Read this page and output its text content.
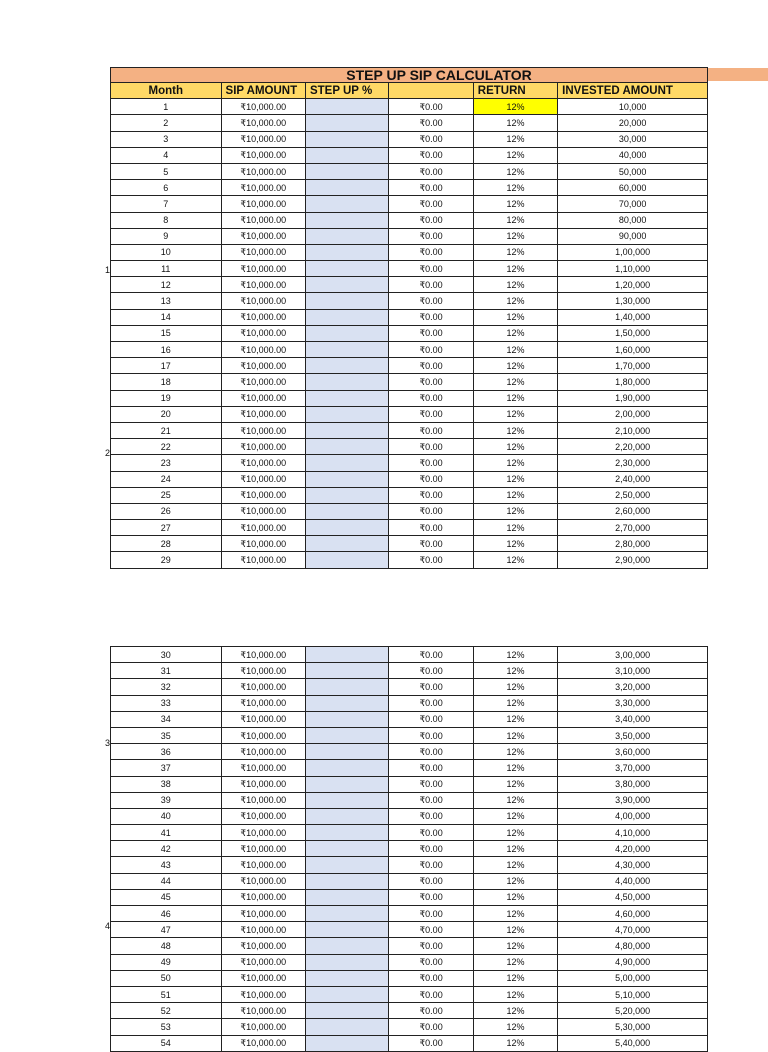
STEP UP SIP CALCULATOR					
Month	SIP AMOUNT	STEP UP %		RETURN	INVESTED AMOUNT
1	₹10,000.00		₹0.00	12%	10,000
2	₹10,000.00		₹0.00	12%	20,000
3	₹10,000.00		₹0.00	12%	30,000
4	₹10,000.00		₹0.00	12%	40,000
5	₹10,000.00		₹0.00	12%	50,000
6	₹10,000.00		₹0.00	12%	60,000
7	₹10,000.00		₹0.00	12%	70,000
8	₹10,000.00		₹0.00	12%	80,000
9	₹10,000.00		₹0.00	12%	90,000
10	₹10,000.00		₹0.00	12%	1,00,000
11	₹10,000.00		₹0.00	12%	1,10,000
12	₹10,000.00		₹0.00	12%	1,20,000
13	₹10,000.00		₹0.00	12%	1,30,000
14	₹10,000.00		₹0.00	12%	1,40,000
15	₹10,000.00		₹0.00	12%	1,50,000
16	₹10,000.00		₹0.00	12%	1,60,000
17	₹10,000.00		₹0.00	12%	1,70,000
18	₹10,000.00		₹0.00	12%	1,80,000
19	₹10,000.00		₹0.00	12%	1,90,000
20	₹10,000.00		₹0.00	12%	2,00,000
21	₹10,000.00		₹0.00	12%	2,10,000
22	₹10,000.00		₹0.00	12%	2,20,000
23	₹10,000.00		₹0.00	12%	2,30,000
24	₹10,000.00		₹0.00	12%	2,40,000
25	₹10,000.00		₹0.00	12%	2,50,000
26	₹10,000.00		₹0.00	12%	2,60,000
27	₹10,000.00		₹0.00	12%	2,70,000
28	₹10,000.00		₹0.00	12%	2,80,000
29	₹10,000.00		₹0.00	12%	2,90,000
30	₹10,000.00		₹0.00	12%	3,00,000
31	₹10,000.00		₹0.00	12%	3,10,000
32	₹10,000.00		₹0.00	12%	3,20,000
33	₹10,000.00		₹0.00	12%	3,30,000
34	₹10,000.00		₹0.00	12%	3,40,000
35	₹10,000.00		₹0.00	12%	3,50,000
36	₹10,000.00		₹0.00	12%	3,60,000
37	₹10,000.00		₹0.00	12%	3,70,000
38	₹10,000.00		₹0.00	12%	3,80,000
39	₹10,000.00		₹0.00	12%	3,90,000
40	₹10,000.00		₹0.00	12%	4,00,000
41	₹10,000.00		₹0.00	12%	4,10,000
42	₹10,000.00		₹0.00	12%	4,20,000
43	₹10,000.00		₹0.00	12%	4,30,000
44	₹10,000.00		₹0.00	12%	4,40,000
45	₹10,000.00		₹0.00	12%	4,50,000
46	₹10,000.00		₹0.00	12%	4,60,000
47	₹10,000.00		₹0.00	12%	4,70,000
48	₹10,000.00		₹0.00	12%	4,80,000
49	₹10,000.00		₹0.00	12%	4,90,000
50	₹10,000.00		₹0.00	12%	5,00,000
51	₹10,000.00		₹0.00	12%	5,10,000
52	₹10,000.00		₹0.00	12%	5,20,000
53	₹10,000.00		₹0.00	12%	5,30,000
54	₹10,000.00		₹0.00	12%	5,40,000
1
2
3
4
